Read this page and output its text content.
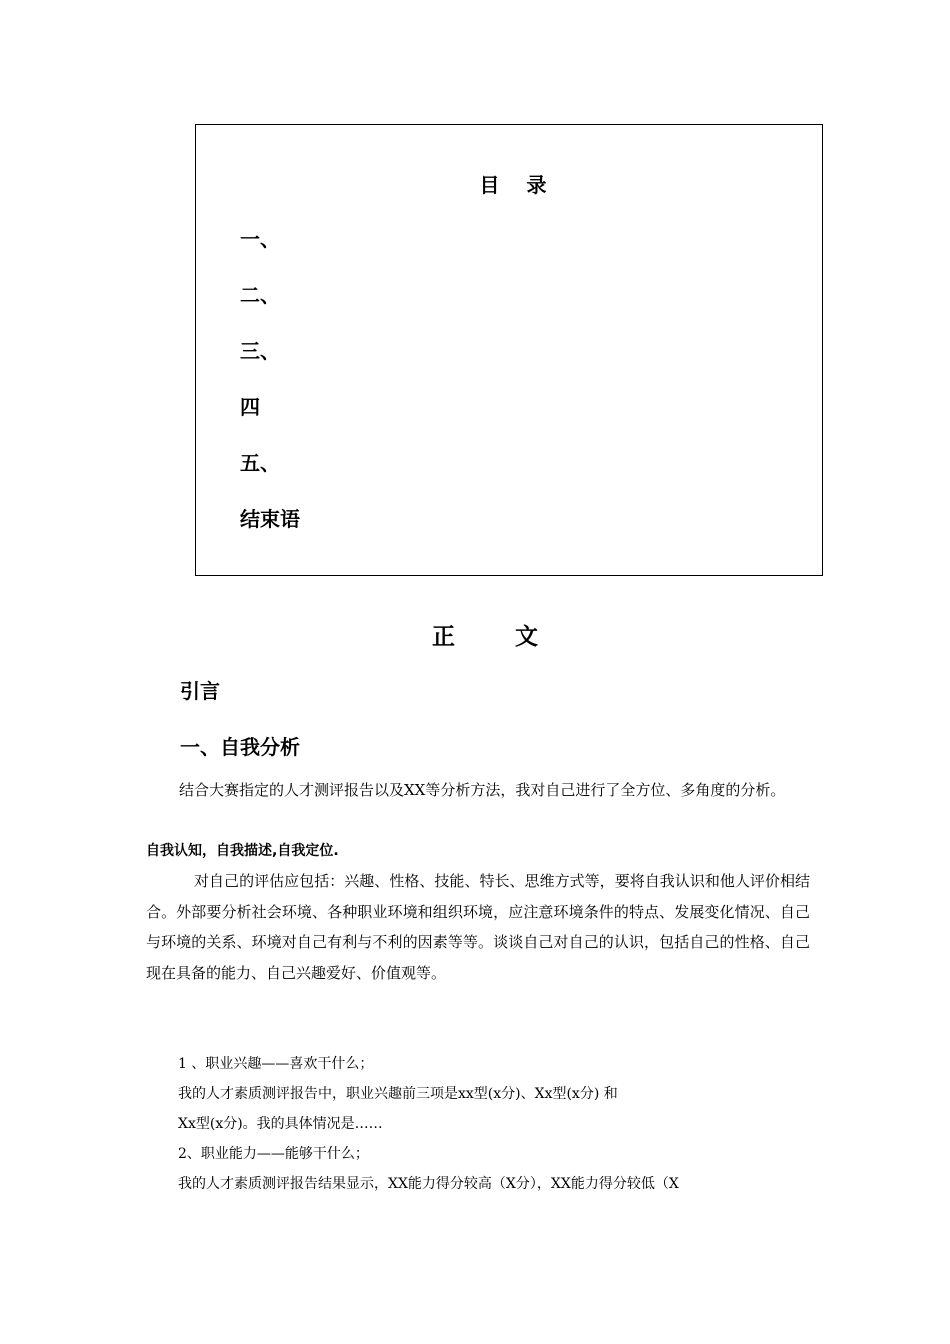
目 录
一、
二、
三、
四
五、
结束语
正 文
引言
一、自我分析
结合大赛指定的人才测评报告以及XX等分析方法，我对自己进行了全方位、多角度的分析。
自我认知，自我描述,自我定位.
对自己的评估应包括：兴趣、性格、技能、特长、思维方式等，要将自我认识和他人评价相结合。外部要分析社会环境、各种职业环境和组织环境，应注意环境条件的特点、发展变化情况、自己与环境的关系、环境对自己有利与不利的因素等等。谈谈自己对自己的认识，包括自己的性格、自己现在具备的能力、自己兴趣爱好、价值观等。
1 、职业兴趣——喜欢干什么；
我的人才素质测评报告中，职业兴趣前三项是xx型(x分)、Xx型(x分) 和
Xx型(x分)。我的具体情况是……
2、职业能力——能够干什么；
我的人才素质测评报告结果显示，XX能力得分较高（X分），XX能力得分较低（X
